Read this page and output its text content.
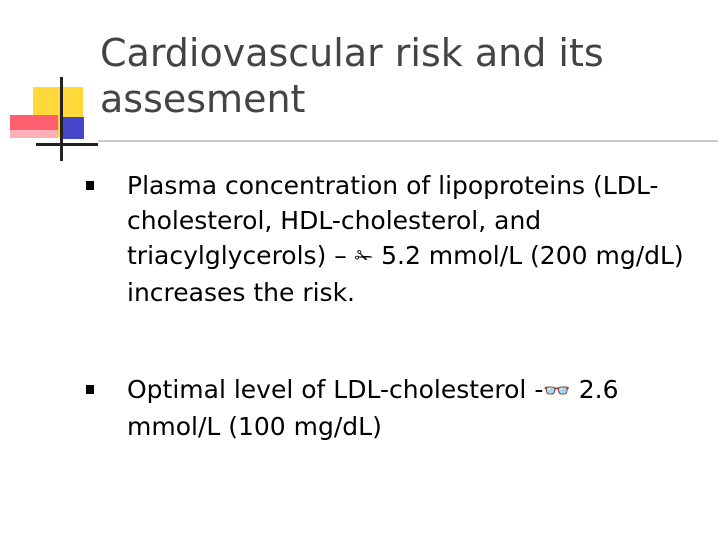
Cardiovascular risk and its assesment
Plasma concentration of lipoproteins (LDL-cholesterol, HDL-cholesterol, and triacylglycerols) – ✁ 5.2 mmol/L (200 mg/dL) increases the risk.
Optimal level of LDL-cholesterol -👓 2.6 mmol/L (100 mg/dL)
